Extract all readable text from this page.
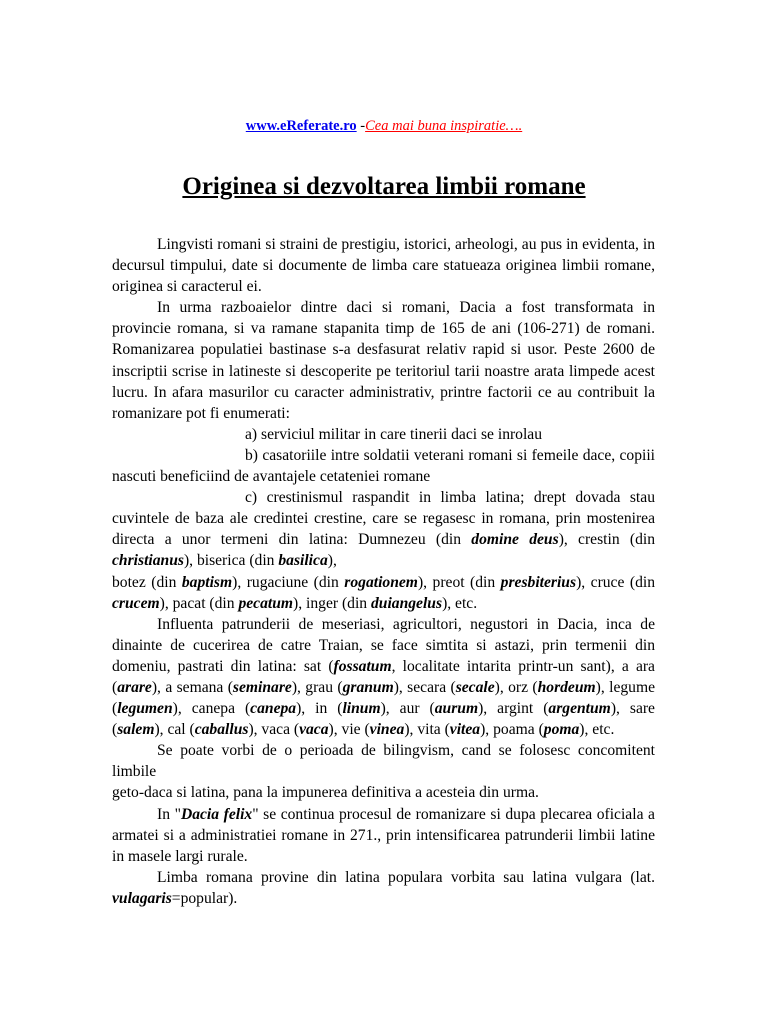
www.eReferate.ro -Cea mai buna inspiratie….
Originea si dezvoltarea limbii romane

Lingvisti romani si straini de prestigiu, istorici, arheologi, au pus in evidenta, in decursul timpului, date si documente de limba care statueaza originea limbii romane, originea si caracterul ei.

In urma razboaielor dintre daci si romani, Dacia a fost transformata in provincie romana, si va ramane stapanita timp de 165 de ani (106-271) de romani. Romanizarea populatiei bastinase s-a desfasurat relativ rapid si usor. Peste 2600 de inscriptii scrise in latineste si descoperite pe teritoriul tarii noastre arata limpede acest lucru. In afara masurilor cu caracter administrativ, printre factorii ce au contribuit la romanizare pot fi enumerati:

a) serviciul militar in care tinerii daci se inrolau

b) casatoriile intre soldatii veterani romani si femeile dace, copiii nascuti beneficiind de avantajele cetateniei romane

c) crestinismul raspandit in limba latina; drept dovada stau cuvintele de baza ale credintei crestine, care se regasesc in romana, prin mostenirea directa a unor termeni din latina: Dumnezeu (din domine deus), crestin (din christianus), biserica (din basilica),

botez (din baptism), rugaciune (din rogationem), preot (din presbiterius), cruce (din crucem), pacat (din pecatum), inger (din duiangelus), etc.

Influenta patrunderii de meseriasi, agricultori, negustori in Dacia, inca de dinainte de cucerirea de catre Traian, se face simtita si astazi, prin termenii din domeniu, pastrati din latina: sat (fossatum, localitate intarita printr-un sant), a ara (arare), a semana (seminare), grau (granum), secara (secale), orz (hordeum), legume (legumen), canepa (canepa), in (linum), aur (aurum), argint (argentum), sare (salem), cal (caballus), vaca (vaca), vie (vinea), vita (vitea), poama (poma), etc.

Se poate vorbi de o perioada de bilingvism, cand se folosesc concomitent limbile

geto-daca si latina, pana la impunerea definitiva a acesteia din urma.

In "Dacia felix" se continua procesul de romanizare si dupa plecarea oficiala a armatei si a administratiei romane in 271., prin intensificarea patrunderii limbii latine in masele largi rurale.

Limba romana provine din latina populara vorbita sau latina vulgara (lat. vulagaris=popular).
